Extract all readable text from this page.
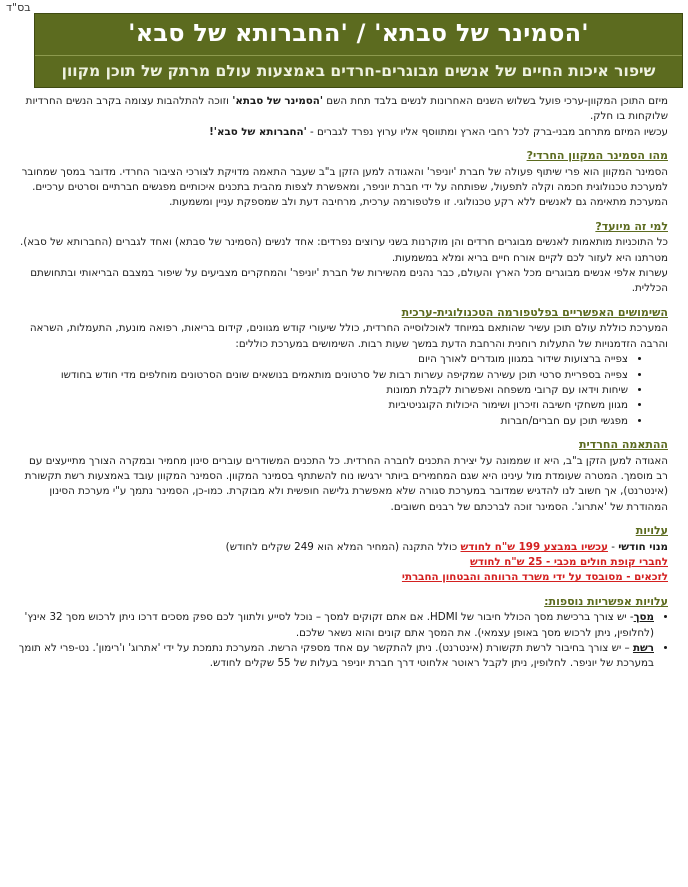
בס"ד
'הסמינר של סבתא' / 'החברותא של סבא'
שיפור איכות החיים של אנשים מבוגרים-חרדים באמצעות עולם מרתק של תוכן מקוון

מיזם התוכן המקוון-ערכי פועל בשלוש השנים האחרונות לנשים בלבד תחת השם 'הסמינר של סבתא' וזוכה להתלהבות עצומה בקרב הנשים החרדיות שלוקחות בו חלק.

עכשיו המיזם מתרחב מבני-ברק לכל רחבי הארץ ומתווסף אליו ערוץ נפרד לגברים - 'החברותא של סבא'!

מהו הסמינר המקוון החרדי?

הסמינר המקוון הוא פרי שיתוף פעולה של חברת 'יוניפר' והאגודה למען הזקן ב"ב שעבר התאמה מדויקת לצורכי הציבור החרדי. מדובר במסך שמחובר למערכת טכנולוגית חכמה וקלה לתפעול, שפותחה על ידי חברת יוניפר, ומאפשרת לצפות מהבית בתכנים איכותיים מפגשים חברתיים וסרטים ערכיים. המערכת מתאימה גם לאנשים ללא רקע טכנולוגי. זו פלטפורמה ערכית, מרחיבה דעת ולב שמספקת עניין ומשמעות.

למי זה מיועד?

כל התוכניות מותאמות לאנשים מבוגרים חרדים והן מוקרנות בשני ערוצים נפרדים: אחד לנשים (הסמינר של סבתא) ואחד לגברים (החברותא של סבא). מטרתנו היא לעזור לכם לקיים אורח חיים בריא ומלא במשמעות.

עשרות אלפי אנשים מבוגרים מכל הארץ והעולם, כבר נהנים מהשירות של חברת 'יוניפר' והמחקרים מצביעים על שיפור במצבם הבריאותי ובתחושתם הכללית.

השימושים האפשריים בפלטפורמה הטכנולוגית-ערכית

המערכת כוללת עולם תוכן עשיר שהותאם במיוחד לאוכלוסייה החרדית, כולל שיעורי קודש מגוונים, קידום בריאות, רפואה מונעת, התעמלות, השראה והרבה הזדמנויות של התעלות רוחנית והרחבת הדעת במשך שעות רבות. השימושים במערכת כוללים:

• צפייה ברצועות שידור במגוון מוגדרים לאורך היום
• צפייה בספריית סרטי תוכן עשירה שמקיפה עשרות רבות של סרטונים מותאמים בנושאים שונים הסרטונים מוחלפים מדי חודש בחודשו
• שיחות וידאו עם קרובי משפחה ואפשרות לקבלת תמונות
• מגוון משחקי חשיבה וזיכרון ושימור היכולות הקוגניטיביות
• מפגשי תוכן עם חברים/חברות
ההתאמה החרדית

האגודה למען הזקן ב"ב, היא זו שממונה על יצירת התכנים לחברה החרדית. כל התכנים המשודרים עוברים סינון מחמיר ובמקרה הצורך מתייעצים עם רב מוסמך. המטרה שעומדת מול עינינו היא שגם המחמירים ביותר ירגישו נוח להשתתף בסמינר המקוון. הסמינר המקוון עובד באמצעות רשת תקשורת (אינטרנט), אך חשוב לנו להדגיש שמדובר במערכת סגורה שלא מאפשרת גלישה חופשית ולא מבוקרת. כמו-כן, הסמינר נתמך ע"י מערכת הסינון המהודרת של 'אתרוג'. הסמינר זוכה לברכתם של רבנים חשובים.

עלויות

מנוי חודשי - עכשיו במבצע 199 ש"ח לחודש כולל התקנה (המחיר המלא הוא 249 שקלים לחודש)

לחברי קופת חולים מכבי - 25 ש"ח לחודש

לזכאים - מסובסד על ידי משרד הרווחה והבטחון החברתי

עלויות אפשריות נוספות:
• מסך- יש צורך ברכישת מסך הכולל חיבור של HDMI. אם אתם זקוקים למסך – נוכל לסייע ולתווך לכם ספק מסכים דרכו ניתן לרכוש מסך 32 אינץ' (לחלופין, ניתן לרכוש מסך באופן עצמאי). את המסך אתם קונים והוא נשאר שלכם.
• רשת – יש צורך בחיבור לרשת תקשורת (אינטרנט). ניתן להתקשר עם אחד מספקי הרשת. המערכת נתמכת על ידי 'אתרוג' ו'רימון'. נט-פרי לא תומך במערכת של יוניפר. לחלופין, ניתן לקבל ראוטר אלחוטי דרך חברת יוניפר בעלות של 55 שקלים לחודש.
